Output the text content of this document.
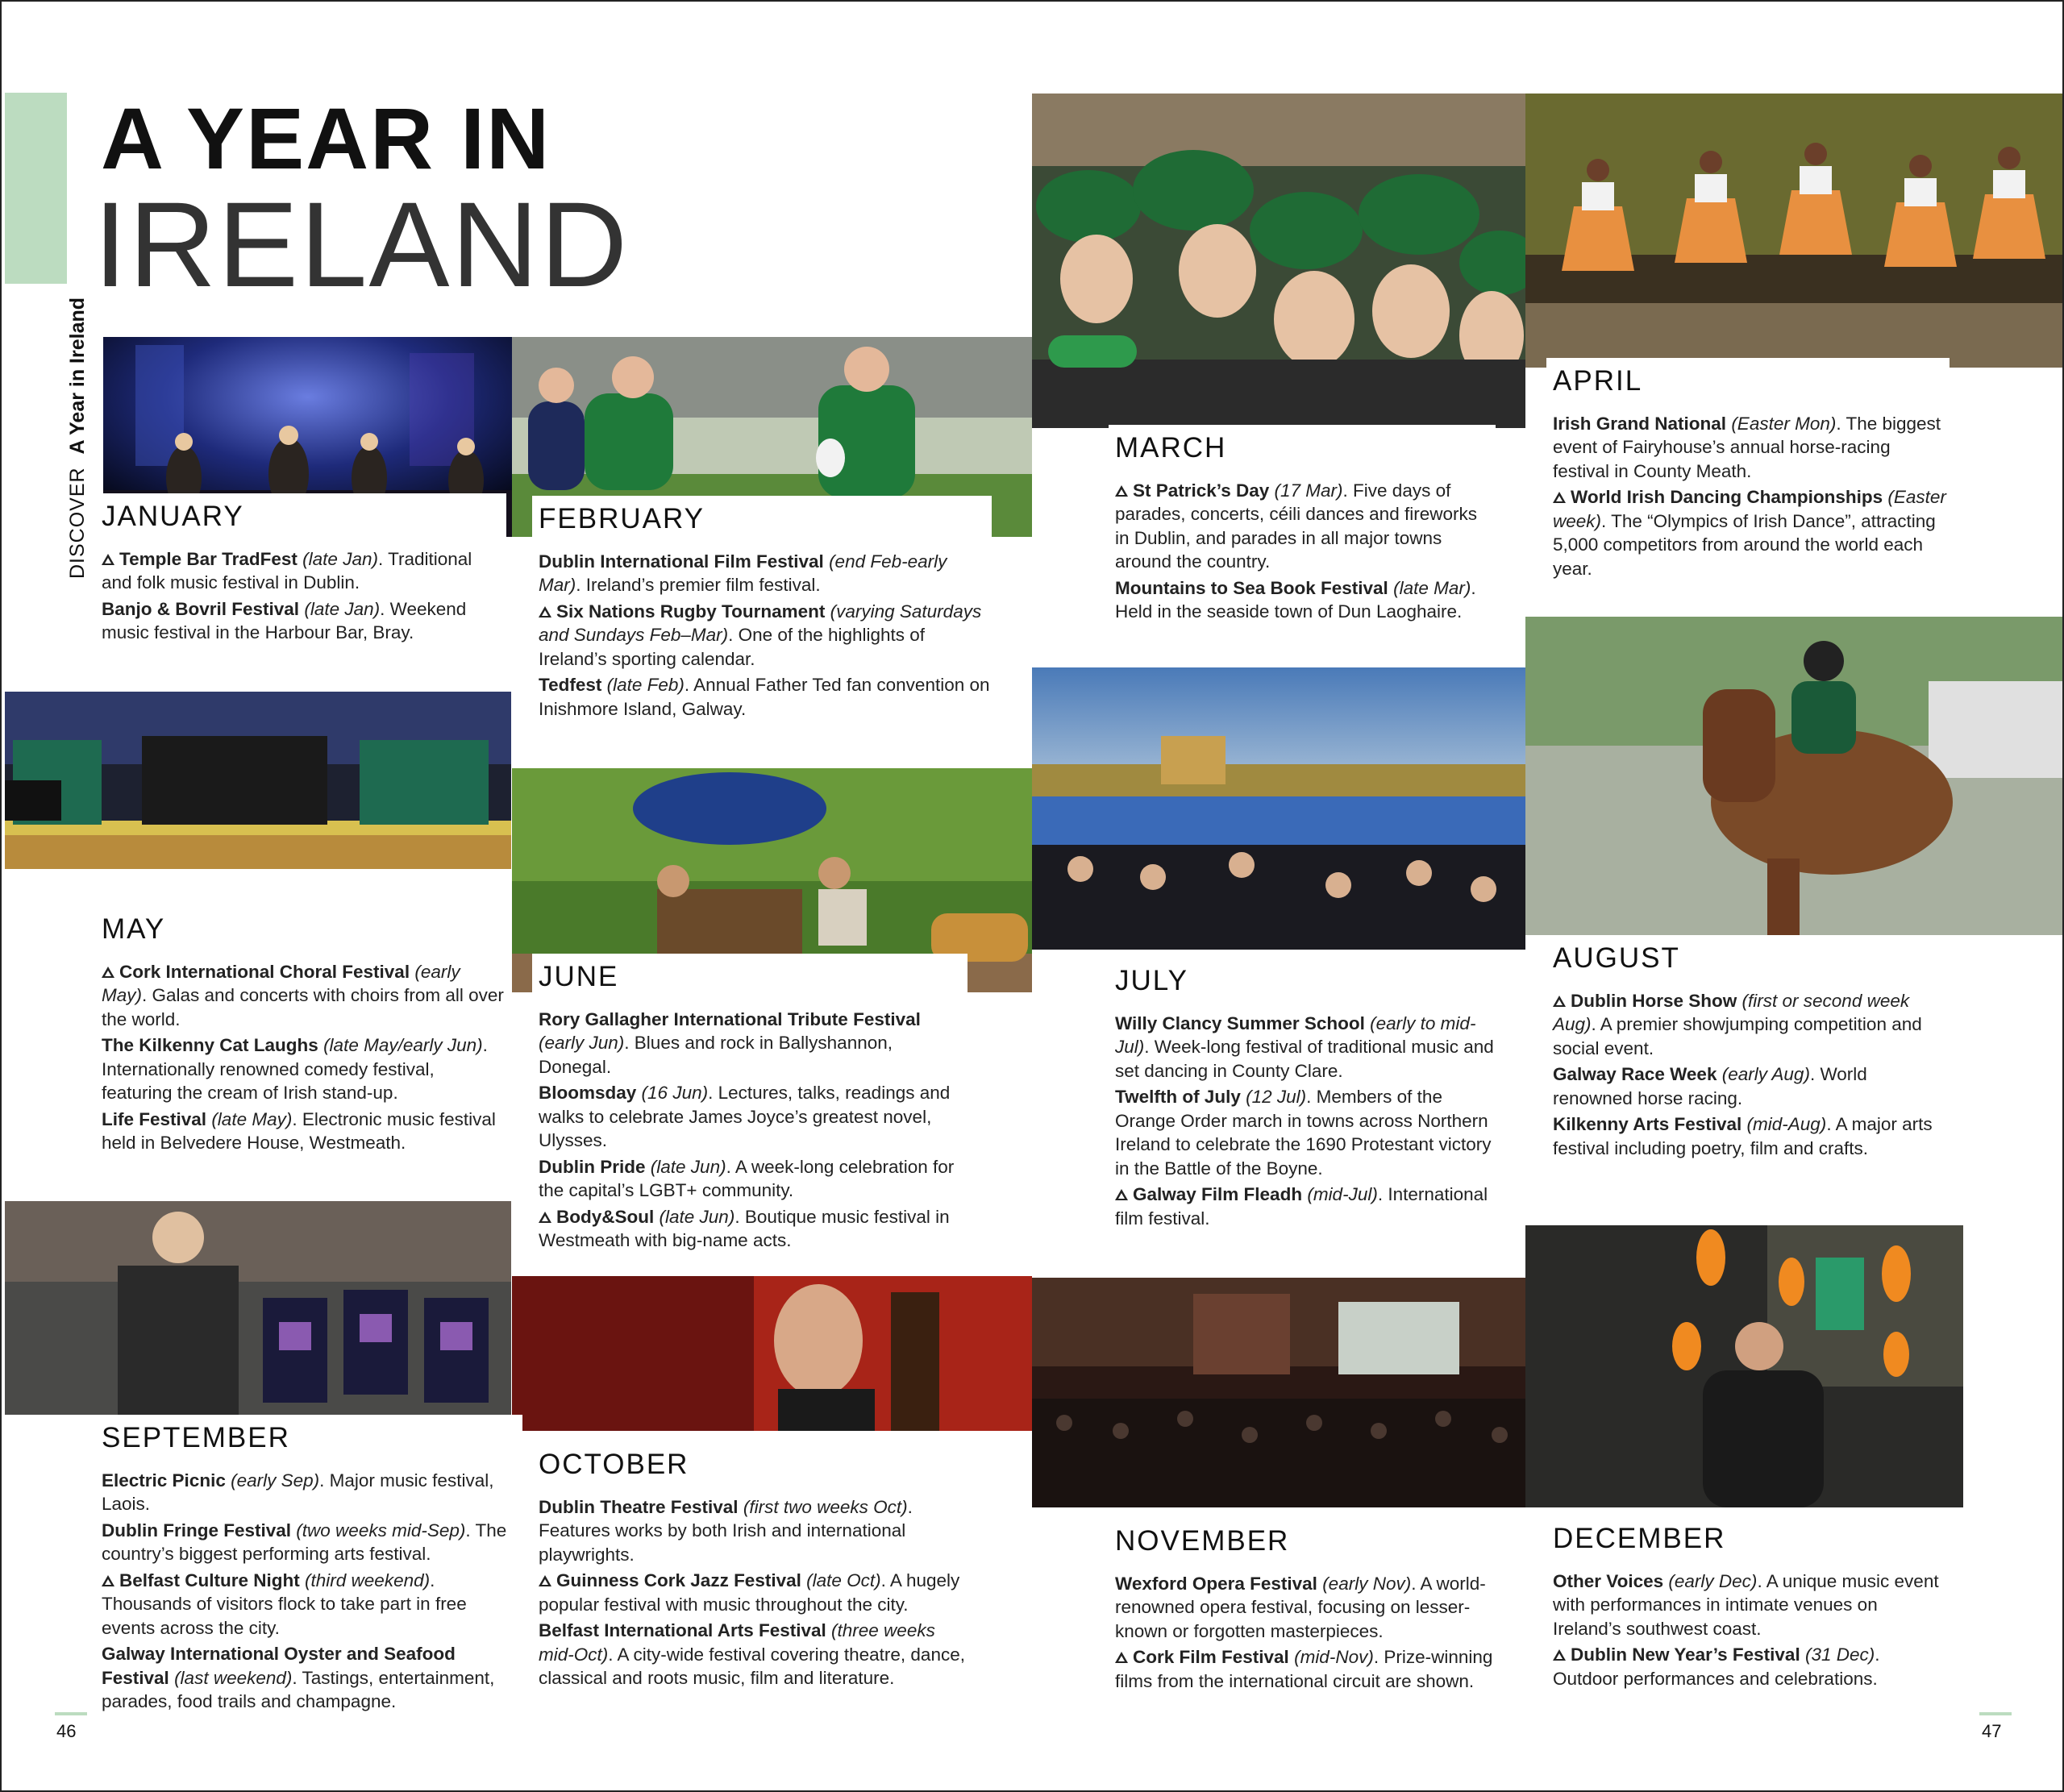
A YEAR IN
IRELAND
DISCOVER  A Year in Ireland
JANUARY
Temple Bar TradFest (late Jan). Traditional and folk music festival in Dublin.
Banjo & Bovril Festival (late Jan). Weekend music festival in the Harbour Bar, Bray.
FEBRUARY
Dublin International Film Festival (end Feb-early Mar). Ireland’s premier film festival.
Six Nations Rugby Tournament (varying Saturdays and Sundays Feb–Mar). One of the highlights of Ireland’s sporting calendar.
Tedfest (late Feb). Annual Father Ted fan convention on Inishmore Island, Galway.
MARCH
St Patrick’s Day (17 Mar). Five days of parades, concerts, céili dances and fireworks in Dublin, and parades in all major towns around the country.
Mountains to Sea Book Festival (late Mar). Held in the seaside town of Dun Laoghaire.
APRIL
Irish Grand National (Easter Mon). The biggest event of Fairyhouse’s annual horse-racing festival in County Meath.
World Irish Dancing Championships (Easter week). The “Olympics of Irish Dance”, attracting 5,000 competitors from around the world each year.
MAY
Cork International Choral Festival (early May). Galas and concerts with choirs from all over the world.
The Kilkenny Cat Laughs (late May/early Jun). Internationally renowned comedy festival, featuring the cream of Irish stand-up.
Life Festival (late May). Electronic music festival held in Belvedere House, Westmeath.
JUNE
Rory Gallagher International Tribute Festival (early Jun). Blues and rock in Ballyshannon, Donegal.
Bloomsday (16 Jun). Lectures, talks, readings and walks to celebrate James Joyce’s greatest novel, Ulysses.
Dublin Pride (late Jun). A week-long celebration for the capital’s LGBT+ community.
Body&Soul (late Jun). Boutique music festival in Westmeath with big-name acts.
JULY
Willy Clancy Summer School (early to mid-Jul). Week-long festival of traditional music and set dancing in County Clare.
Twelfth of July (12 Jul). Members of the Orange Order march in towns across Northern Ireland to celebrate the 1690 Protestant victory in the Battle of the Boyne.
Galway Film Fleadh (mid-Jul). International film festival.
AUGUST
Dublin Horse Show (first or second week Aug). A premier showjumping competition and social event.
Galway Race Week (early Aug). World renowned horse racing.
Kilkenny Arts Festival (mid-Aug). A major arts festival including poetry, film and crafts.
SEPTEMBER
Electric Picnic (early Sep). Major music festival, Laois.
Dublin Fringe Festival (two weeks mid-Sep). The country’s biggest performing arts festival.
Belfast Culture Night (third weekend). Thousands of visitors flock to take part in free events across the city.
Galway International Oyster and Seafood Festival (last weekend). Tastings, entertainment, parades, food trails and champagne.
OCTOBER
Dublin Theatre Festival (first two weeks Oct). Features works by both Irish and international playwrights.
Guinness Cork Jazz Festival (late Oct). A hugely popular festival with music throughout the city.
Belfast International Arts Festival (three weeks mid-Oct). A city-wide festival covering theatre, dance, classical and roots music, film and literature.
NOVEMBER
Wexford Opera Festival (early Nov). A world-renowned opera festival, focusing on lesser-known or forgotten masterpieces.
Cork Film Festival (mid-Nov). Prize-winning films from the international circuit are shown.
DECEMBER
Other Voices (early Dec). A unique music event with performances in intimate venues on Ireland’s southwest coast.
Dublin New Year’s Festival (31 Dec). Outdoor performances and celebrations.
46	47
